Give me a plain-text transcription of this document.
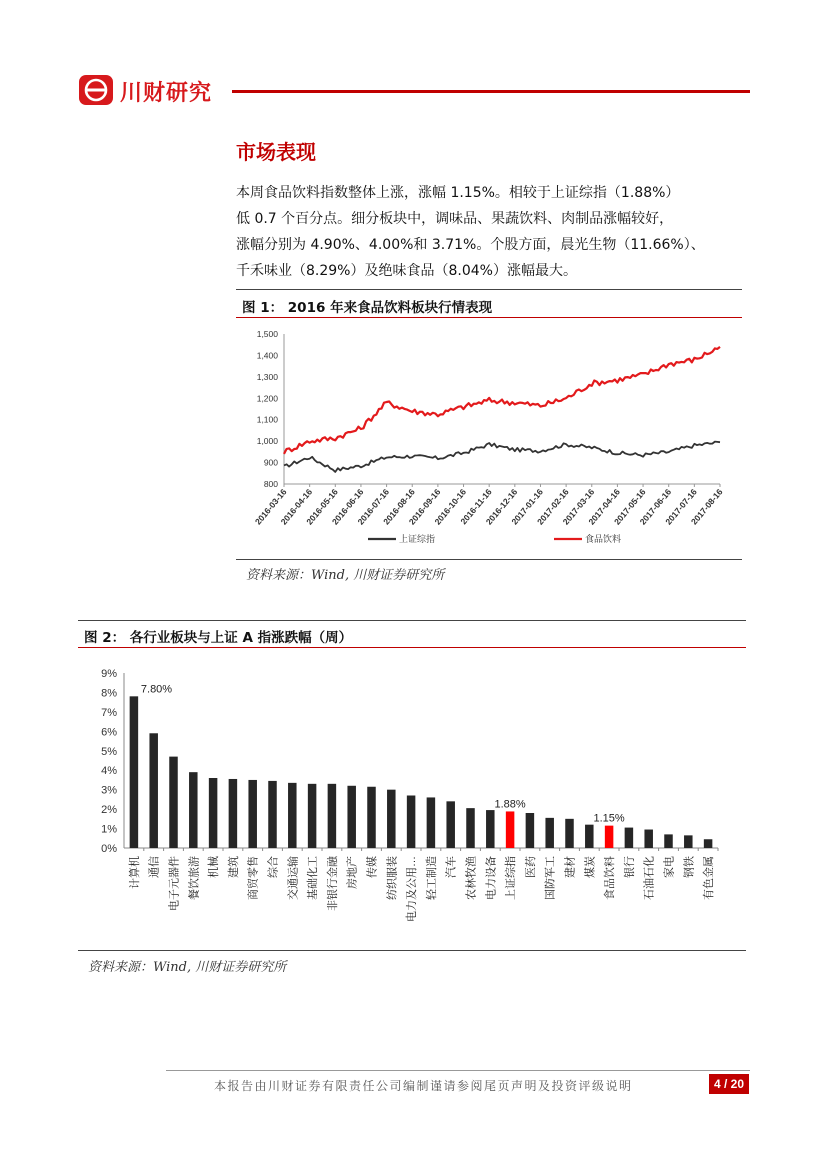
川财研究
市场表现
本周食品饮料指数整体上涨，涨幅 1.15%。相较于上证综指（1.88%）
低 0.7 个百分点。细分板块中，调味品、果蔬饮料、肉制品涨幅较好，
涨幅分别为 4.90%、4.00%和 3.71%。个股方面，晨光生物（11.66%）、
千禾味业（8.29%）及绝味食品（8.04%）涨幅最大。
图 1： 2016 年来食品饮料板块行情表现
800
900
1,000
1,100
1,200
1,300
1,400
1,500
2016-03-16
2016-04-16
2016-05-16
2016-06-16
2016-07-16
2016-08-16
2016-09-16
2016-10-16
2016-11-16
2016-12-16
2017-01-16
2017-02-16
2017-03-16
2017-04-16
2017-05-16
2017-06-16
2017-07-16
2017-08-16
上证综指	食品饮料
资料来源：Wind, 川财证券研究所
图 2： 各行业板块与上证 A 指涨跌幅（周）
0%
1%
2%
3%
4%
5%
6%
7%
8%
9%
计算机 通信 电子元器件 餐饮旅游 机械 建筑 商贸零售 综合 交通运输 基础化工 非银行金融 房地产 传媒 纺织服装 电力及公用… 轻工制造 汽车 农林牧渔 电力设备 上证综指 医药 国防军工 建材 煤炭 食品饮料 银行 石油石化 家电 钢铁 有色金属
7.80%
1.88%
1.15%
资料来源：Wind, 川财证券研究所
本报告由川财证券有限责任公司编制谨请参阅尾页声明及投资评级说明	4 / 20
